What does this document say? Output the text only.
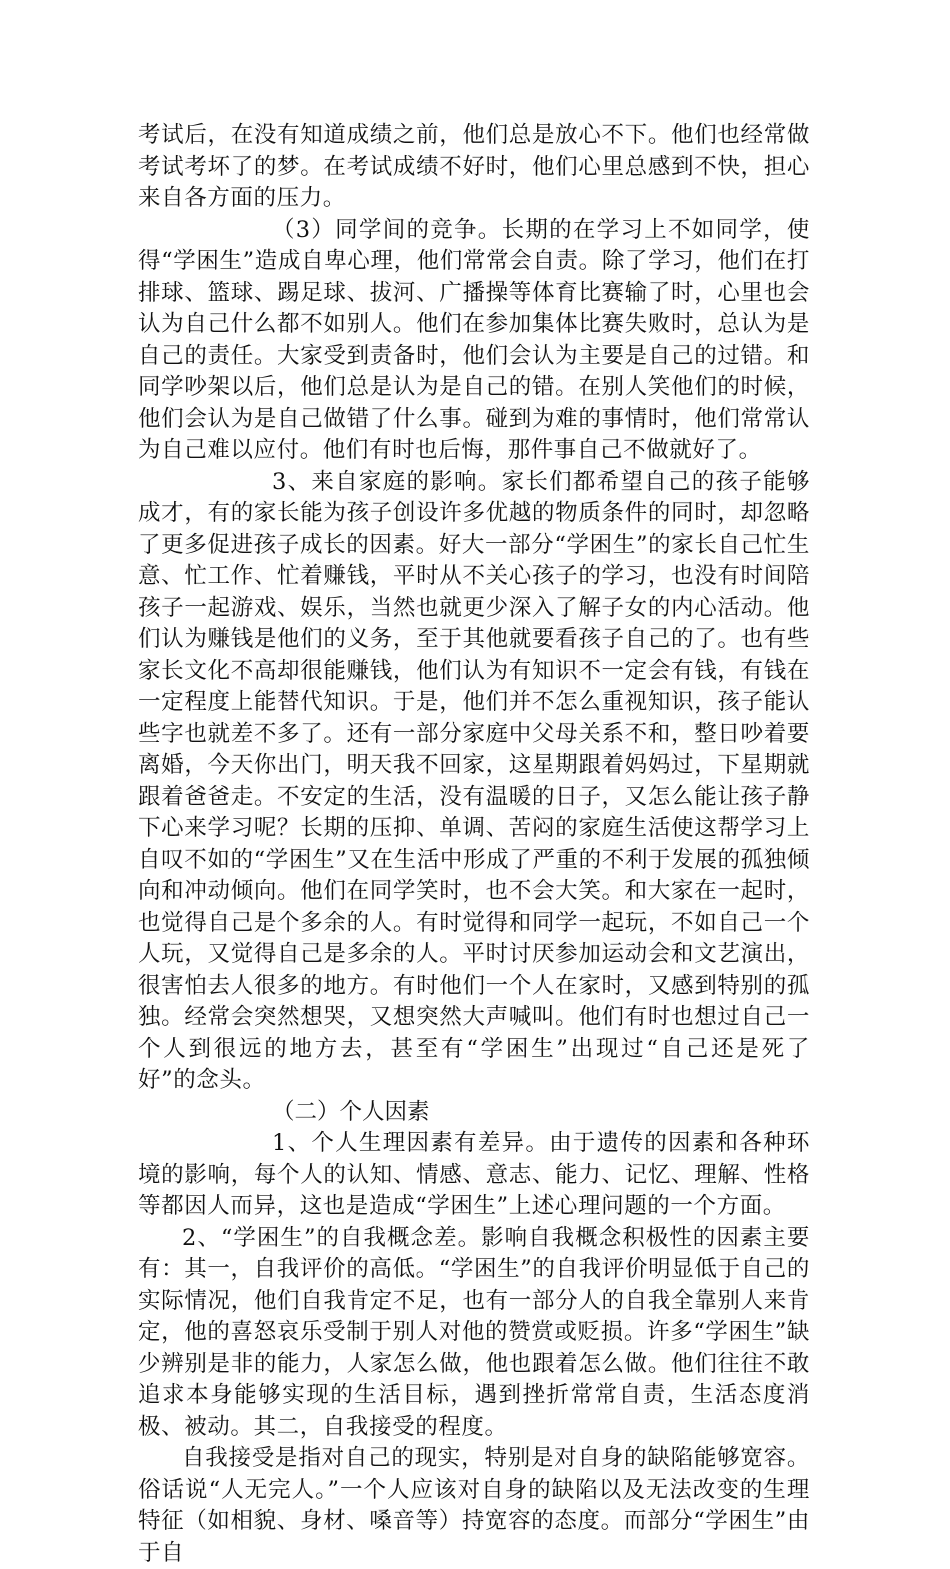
考试后，在没有知道成绩之前，他们总是放心不下。他们也经常做考试考坏了的梦。在考试成绩不好时，他们心里总感到不快，担心来自各方面的压力。

（3）同学间的竞争。长期的在学习上不如同学，使得“学困生”造成自卑心理，他们常常会自责。除了学习，他们在打排球、篮球、踢足球、拔河、广播操等体育比赛输了时，心里也会认为自己什么都不如别人。他们在参加集体比赛失败时，总认为是自己的责任。大家受到责备时，他们会认为主要是自己的过错。和同学吵架以后，他们总是认为是自己的错。在别人笑他们的时候，他们会认为是自己做错了什么事。碰到为难的事情时，他们常常认为自己难以应付。他们有时也后悔，那件事自己不做就好了。

3、来自家庭的影响。家长们都希望自己的孩子能够成才，有的家长能为孩子创设许多优越的物质条件的同时，却忽略了更多促进孩子成长的因素。好大一部分“学困生”的家长自己忙生意、忙工作、忙着赚钱，平时从不关心孩子的学习，也没有时间陪孩子一起游戏、娱乐，当然也就更少深入了解子女的内心活动。他们认为赚钱是他们的义务，至于其他就要看孩子自己的了。也有些家长文化不高却很能赚钱，他们认为有知识不一定会有钱，有钱在一定程度上能替代知识。于是，他们并不怎么重视知识，孩子能认些字也就差不多了。还有一部分家庭中父母关系不和，整日吵着要离婚，今天你出门，明天我不回家，这星期跟着妈妈过，下星期就跟着爸爸走。不安定的生活，没有温暖的日子，又怎么能让孩子静下心来学习呢？长期的压抑、单调、苦闷的家庭生活使这帮学习上自叹不如的“学困生”又在生活中形成了严重的不利于发展的孤独倾向和冲动倾向。他们在同学笑时，也不会大笑。和大家在一起时，也觉得自己是个多余的人。有时觉得和同学一起玩，不如自己一个人玩，又觉得自己是多余的人。平时讨厌参加运动会和文艺演出，很害怕去人很多的地方。有时他们一个人在家时，又感到特别的孤独。经常会突然想哭，又想突然大声喊叫。他们有时也想过自己一个人到很远的地方去，甚至有“学困生”出现过“自己还是死了好”的念头。

（二）个人因素

1、个人生理因素有差异。由于遗传的因素和各种环境的影响，每个人的认知、情感、意志、能力、记忆、理解、性格等都因人而异，这也是造成“学困生”上述心理问题的一个方面。

2、“学困生”的自我概念差。影响自我概念积极性的因素主要有：其一，自我评价的高低。“学困生”的自我评价明显低于自己的实际情况，他们自我肯定不足，也有一部分人的自我全靠别人来肯定，他的喜怒哀乐受制于别人对他的赞赏或贬损。许多“学困生”缺少辨别是非的能力，人家怎么做，他也跟着怎么做。他们往往不敢追求本身能够实现的生活目标，遇到挫折常常自责，生活态度消极、被动。其二，自我接受的程度。

自我接受是指对自己的现实，特别是对自身的缺陷能够宽容。俗话说“人无完人。”一个人应该对自身的缺陷以及无法改变的生理特征（如相貌、身材、嗓音等）持宽容的态度。而部分“学困生”由于自
